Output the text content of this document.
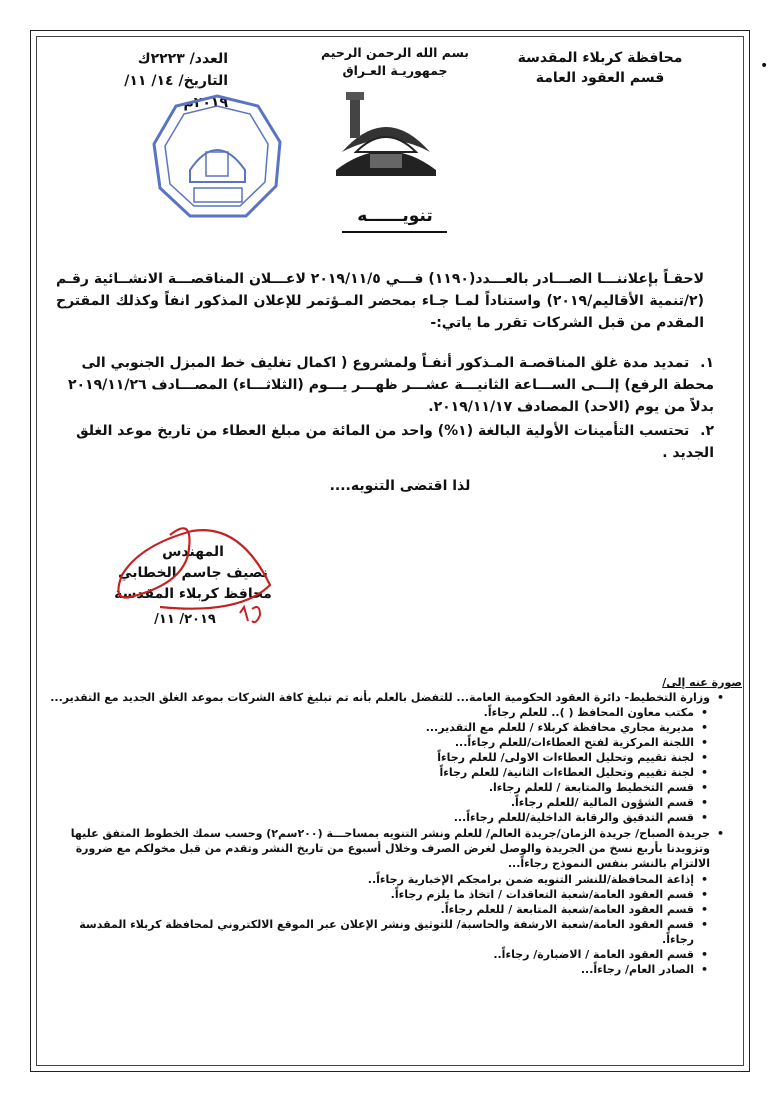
•
محافظة كربلاء المقدسة
قسم العقود العامة
بسم الله الرحمن الرحيم
جمهوريـة العـراق
العدد/ ٢٢٢٣ك
التاريخ/ ١٤/ ١١/ ٢٠١٩م
تنويــــــه
لاحقـاً بإعلاننـــا الصـــادر بالعـــدد(١١٩٠) فـــي ٢٠١٩/١١/٥ لاعـــلان المناقصـــة الانشــائية رقـم (٢/تنمية الأقاليم/٢٠١٩) واستناداً لمـا جـاء بمحضر المـؤتمر للإعلان المذكور انفاً وكذلك المقترح المقدم من قبل الشركات تقرر ما ياتي:-
١. تمديد مدة غلق المناقصـة المـذكور أنفـاً ولمشروع ( اكمال تغليف خط المبزل الجنوبي الى محطة الرفع) إلـــى الســـاعة الثانيـــة عشـــر ظهـــر يـــوم (الثلاثـــاء) المصـــادف ٢٠١٩/١١/٢٦ بدلاً من يوم (الاحد) المصادف ٢٠١٩/١١/١٧.
٢. تحتسب التأمينات الأولية البالغة (١%) واحد من المائة من مبلغ العطاء من تاريخ موعد الغلق الجديد .
لذا اقتضى التنويه....
المهندس
نصيف جاسم الخطابي
محافظ كربلاء المقدسة
٢٠١٩/ ١١/
صورة عنه إلى/
• وزارة التخطيط- دائرة العقود الحكومية العامة... للتفضل بالعلم بأنه تم تبليغ كافة الشركات بموعد الغلق الجديد مع التقدير...
• مكتب معاون المحافظ ( ).. للعلم رجاءاً.
• مديرية مجاري محافظة كربلاء / للعلم مع التقدير...
• اللجنة المركزية لفتح العطاءات/للعلم رجاءاً...
• لجنة تقييم وتحليل العطاءات الاولى/ للعلم رجاءاً
• لجنة تقييم وتحليل العطاءات الثانية/ للعلم رجاءاً
• قسم التخطيط والمتابعة / للعلم رجاءا.
• قسم الشؤون المالية /للعلم رجاءاً.
• قسم التدقيق والرقابة الداخلية/للعلم رجاءاً...
• جريدة الصباح/ جريدة الزمان/جريدة العالم/ للعلم ونشر التنويه بمساحـــة (٢٠٠سم٢) وحسب سمك الخطوط المتفق عليها وتزويدنا بأربع نسخ من الجريدة والوصل لغرض الصرف وخلال أسبوع من تاريخ النشر وتقدم من قبل مخولكم مع ضرورة الالتزام بالنشر بنفس النموذج رجاءاً...
• إذاعة المحافظة/للنشر التنويه ضمن برامجكم الإخبارية رجاءاً..
• قسم العقود العامة/شعبة التعاقدات / اتخاذ ما يلزم رجاءاً.
• قسم العقود العامة/شعبة المتابعة / للعلم رجاءاً.
• قسم العقود العامة/شعبة الارشفة والحاسبة/ للتوثيق ونشر الإعلان عبر الموقع الالكتروني لمحافظة كربلاء المقدسة رجاءاً.
• قسم العقود العامة / الاضبارة/ رجاءاً..
• الصادر العام/ رجاءاً...
